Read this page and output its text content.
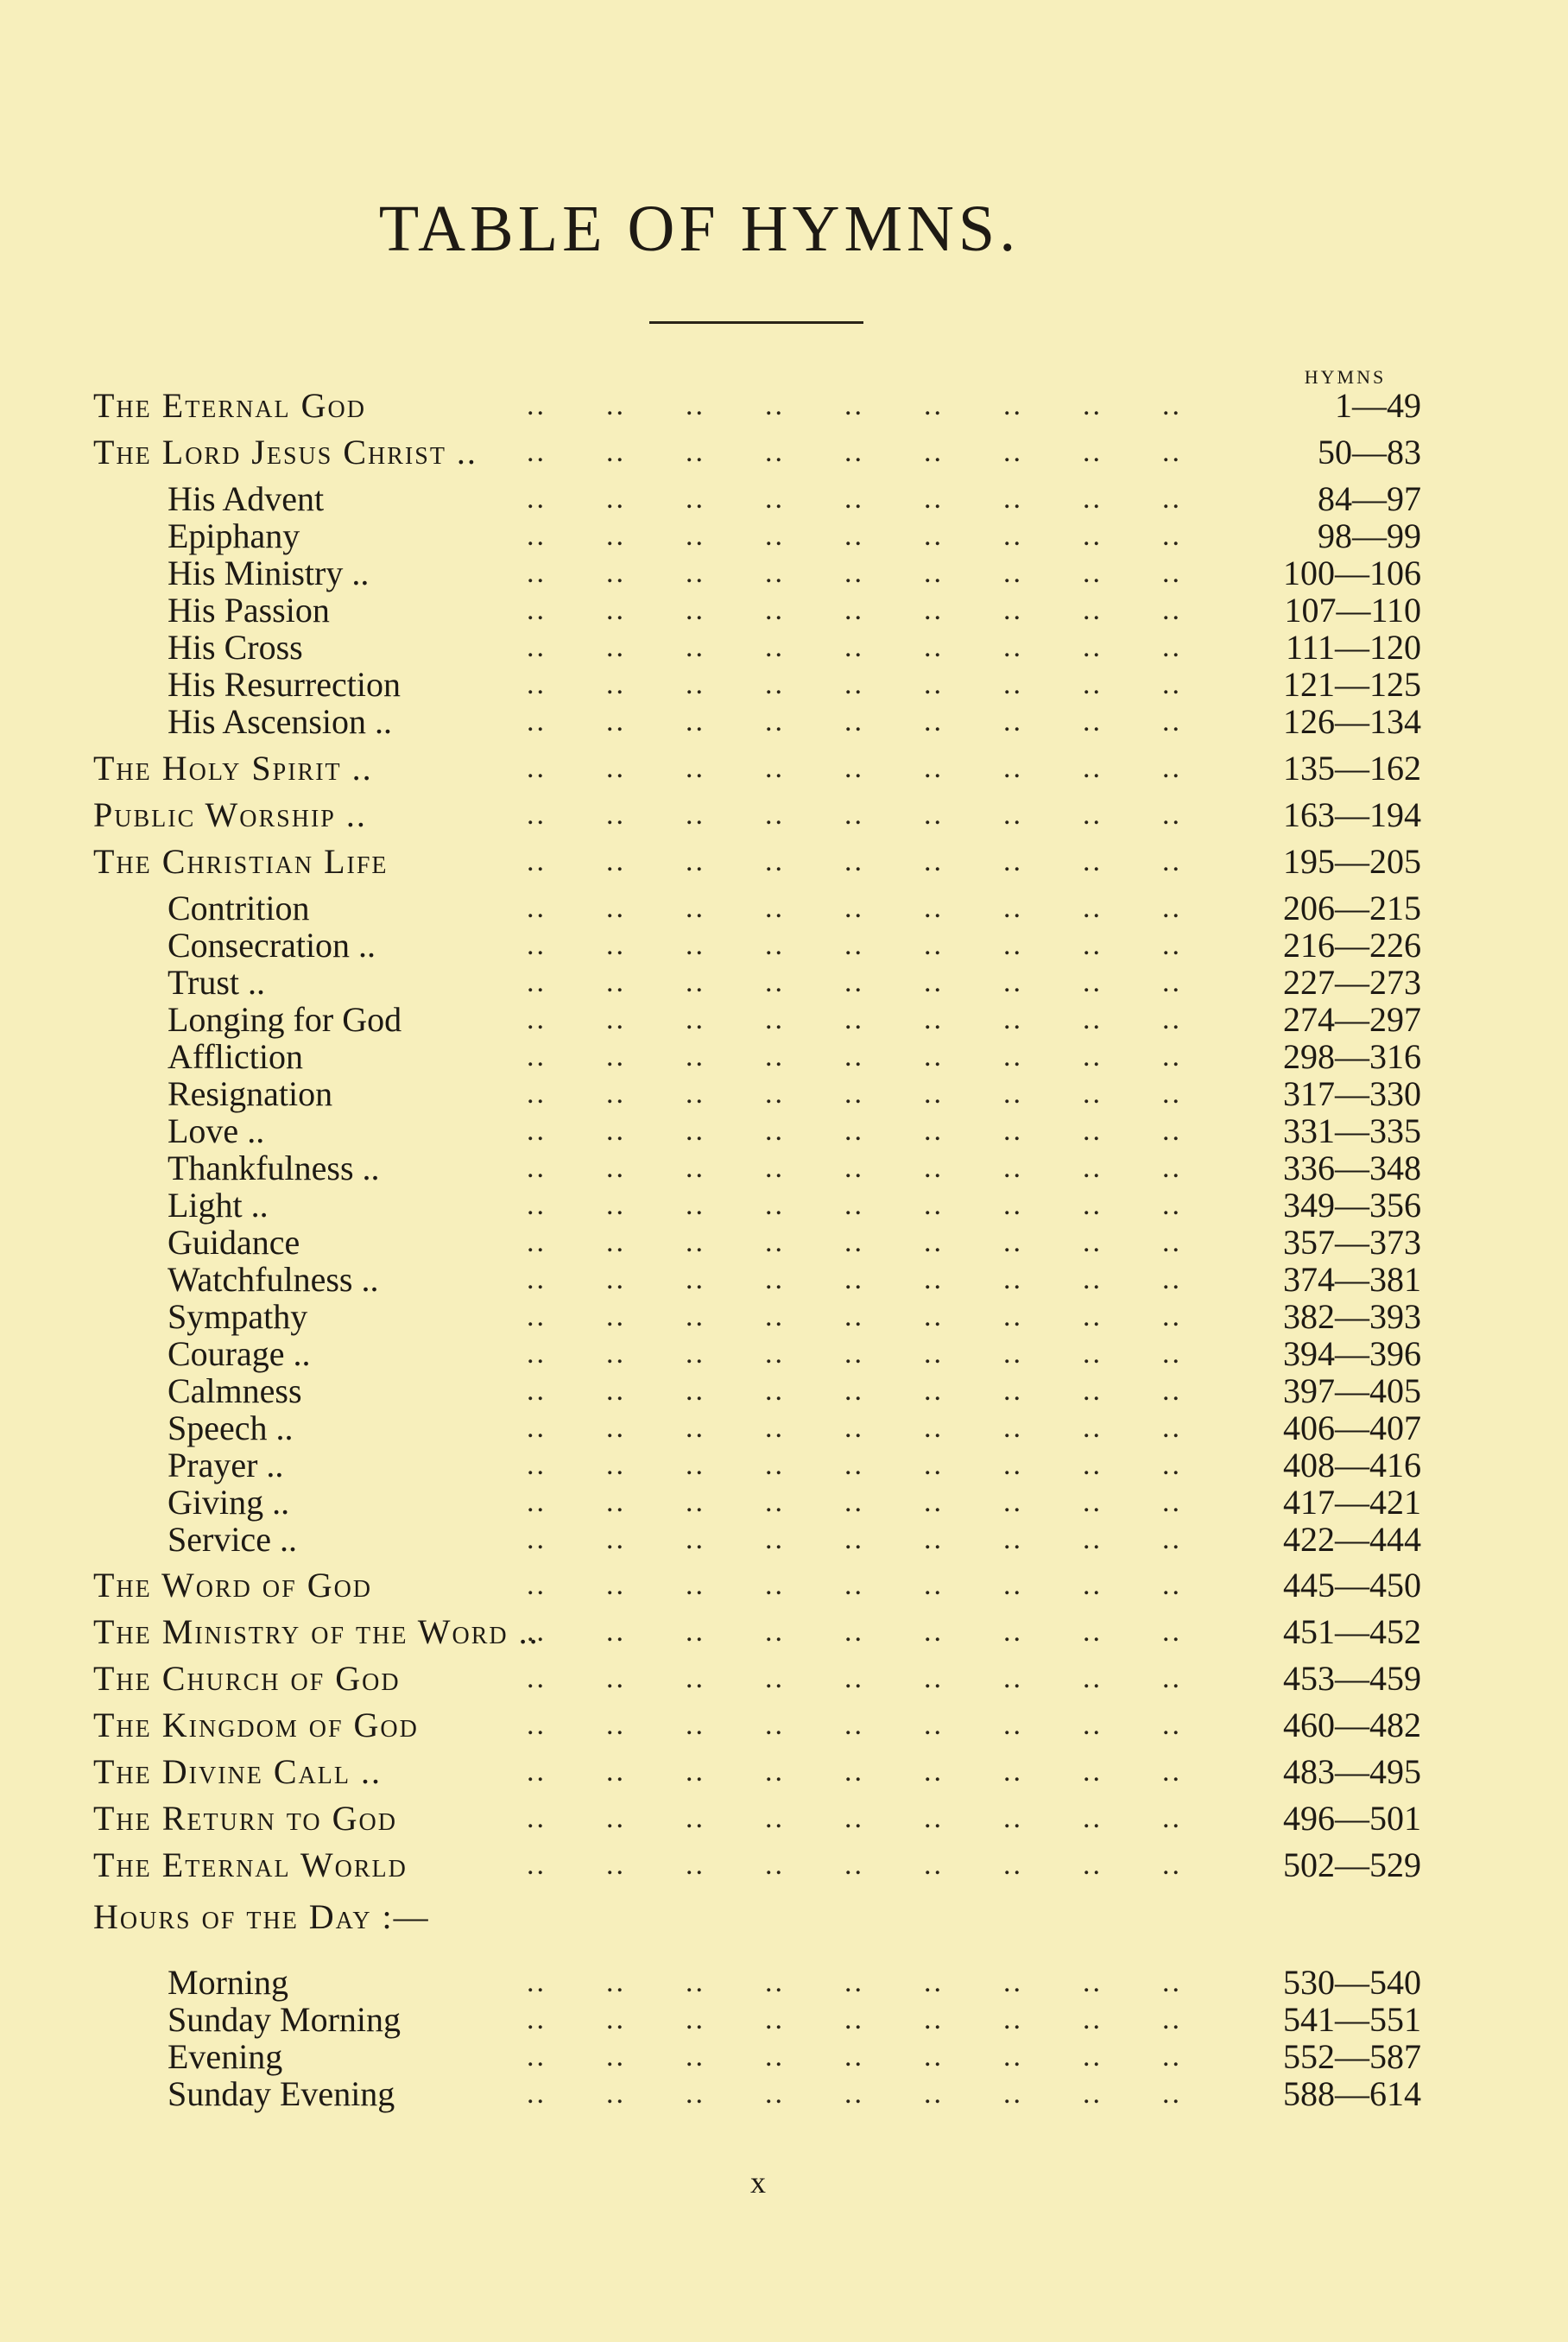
TABLE OF HYMNS.
HYMNS
The Eternal God ..	1—49
The Lord Jesus Christ .. ..	50—83
His Advent ..	84—97
Epiphany ..	98—99
His Ministry .. ..	100—106
His Passion ..	107—110
His Cross ..	111—120
His Resurrection ..	121—125
His Ascension .. ..	126—134
The Holy Spirit .. ..	135—162
Public Worship .. ..	163—194
The Christian Life ..	195—205
Contrition ..	206—215
Consecration .. ..	216—226
Trust .. ..	227—273
Longing for God ..	274—297
Affliction ..	298—316
Resignation ..	317—330
Love .. ..	331—335
Thankfulness .. ..	336—348
Light .. ..	349—356
Guidance ..	357—373
Watchfulness .. ..	374—381
Sympathy ..	382—393
Courage .. ..	394—396
Calmness ..	397—405
Speech .. ..	406—407
Prayer .. ..	408—416
Giving .. ..	417—421
Service .. ..	422—444
The Word of God ..	445—450
The Ministry of the Word .. ..	451—452
The Church of God ..	453—459
The Kingdom of God ..	460—482
The Divine Call .. ..	483—495
The Return to God ..	496—501
The Eternal World ..	502—529
Hours of the Day :—
Morning ..	530—540
Sunday Morning ..	541—551
Evening ..	552—587
Sunday Evening ..	588—614
x
